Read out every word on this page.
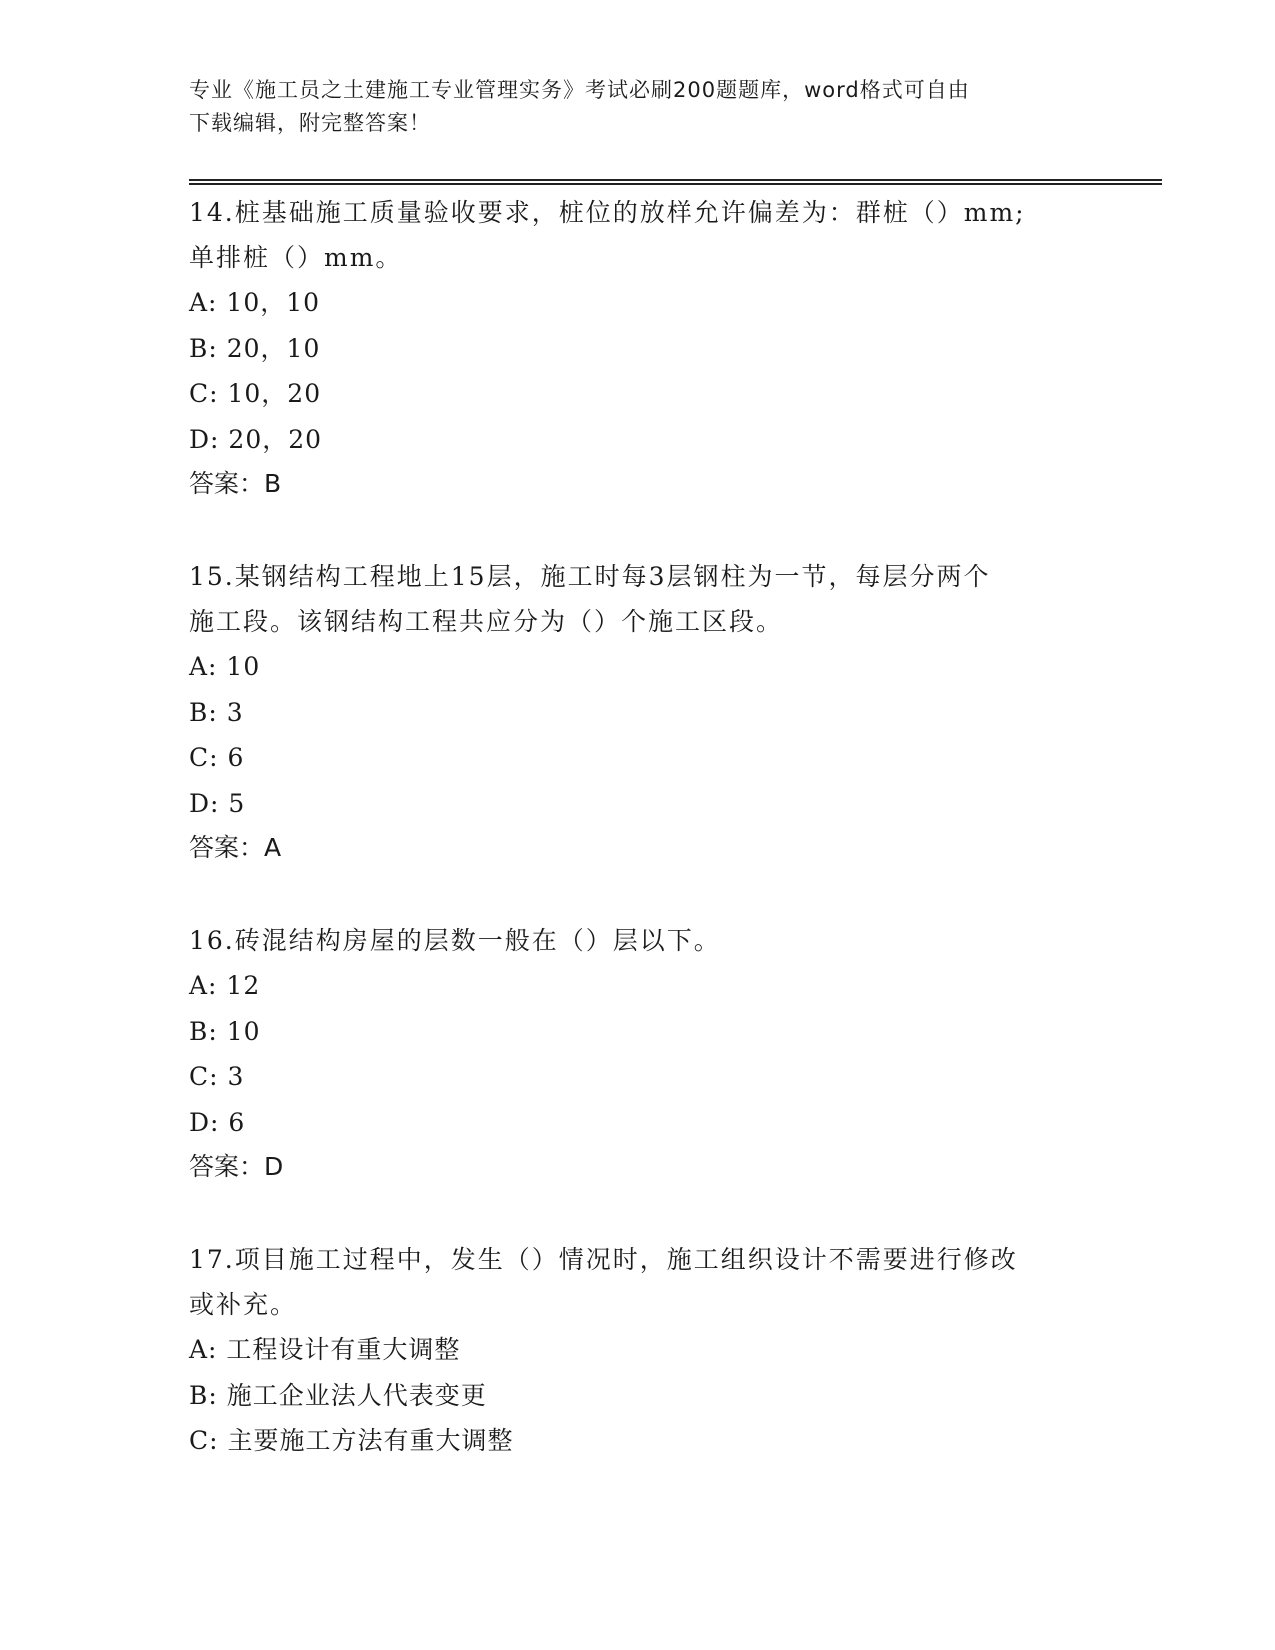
专业《施工员之土建施工专业管理实务》考试必刷200题题库，word格式可自由
下载编辑，附完整答案！
14.桩基础施工质量验收要求，桩位的放样允许偏差为：群桩（）mm;
单排桩（）mm。
A: 10，10
B: 20，10
C: 10，20
D: 20，20
答案：B
15.某钢结构工程地上15层，施工时每3层钢柱为一节，每层分两个
施工段。该钢结构工程共应分为（）个施工区段。
A: 10
B: 3
C: 6
D: 5
答案：A
16.砖混结构房屋的层数一般在（）层以下。
A: 12
B: 10
C: 3
D: 6
答案：D
17.项目施工过程中，发生（）情况时，施工组织设计不需要进行修改
或补充。
A: 工程设计有重大调整
B: 施工企业法人代表变更
C: 主要施工方法有重大调整
